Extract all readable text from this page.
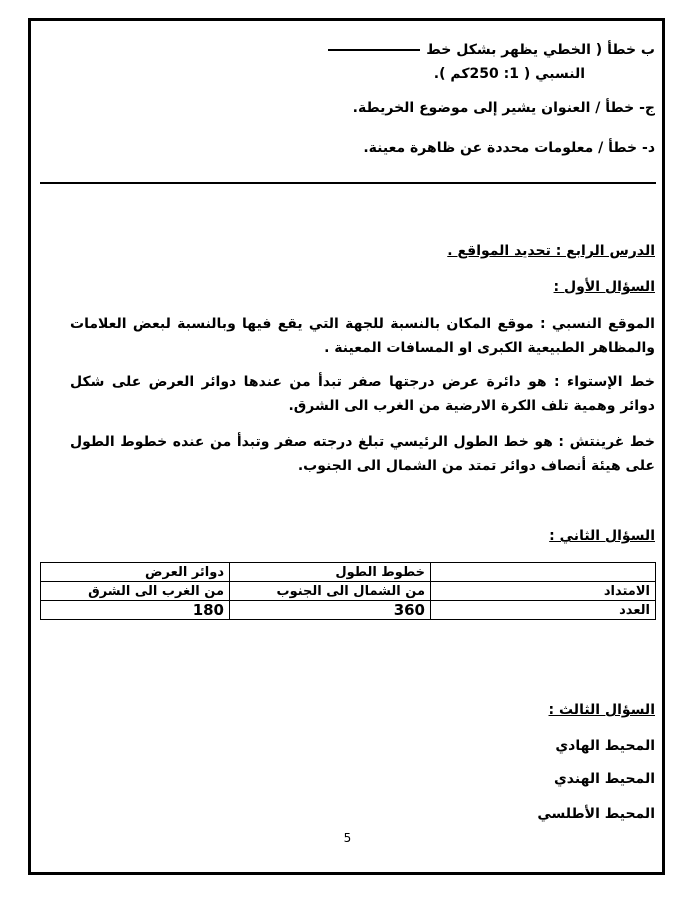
ب خطأ ( الخطي يظهر بشكل خط
النسبي ( 1: 250كم ).
ج- خطأ / العنوان يشير إلى موضوع الخريطة.
د- خطأ / معلومات محددة عن ظاهرة معينة.
الدرس الرابع : تحديد المواقع .
السؤال الأول :
الموقع النسبي : موقع المكان بالنسبة للجهة التي يقع فيها وبالنسبة لبعض العلامات والمظاهر الطبيعية الكبرى او المسافات المعينة .
خط الإستواء : هو دائرة عرض درجتها صفر تبدأ من عندها دوائر العرض على شكل دوائر وهمية تلف الكرة الارضية من الغرب الى الشرق.
خط غرينتش : هو خط الطول الرئيسي تبلغ درجته صفر وتبدأ من عنده خطوط الطول على هيئة أنصاف دوائر تمتد من الشمال الى الجنوب.
السؤال الثاني :
	خطوط الطول	دوائر العرض
الامتداد	من الشمال الى الجنوب	من الغرب الى الشرق
العدد	360	180
السؤال الثالث :
المحيط الهادي
المحيط الهندي
المحيط الأطلسي
5
